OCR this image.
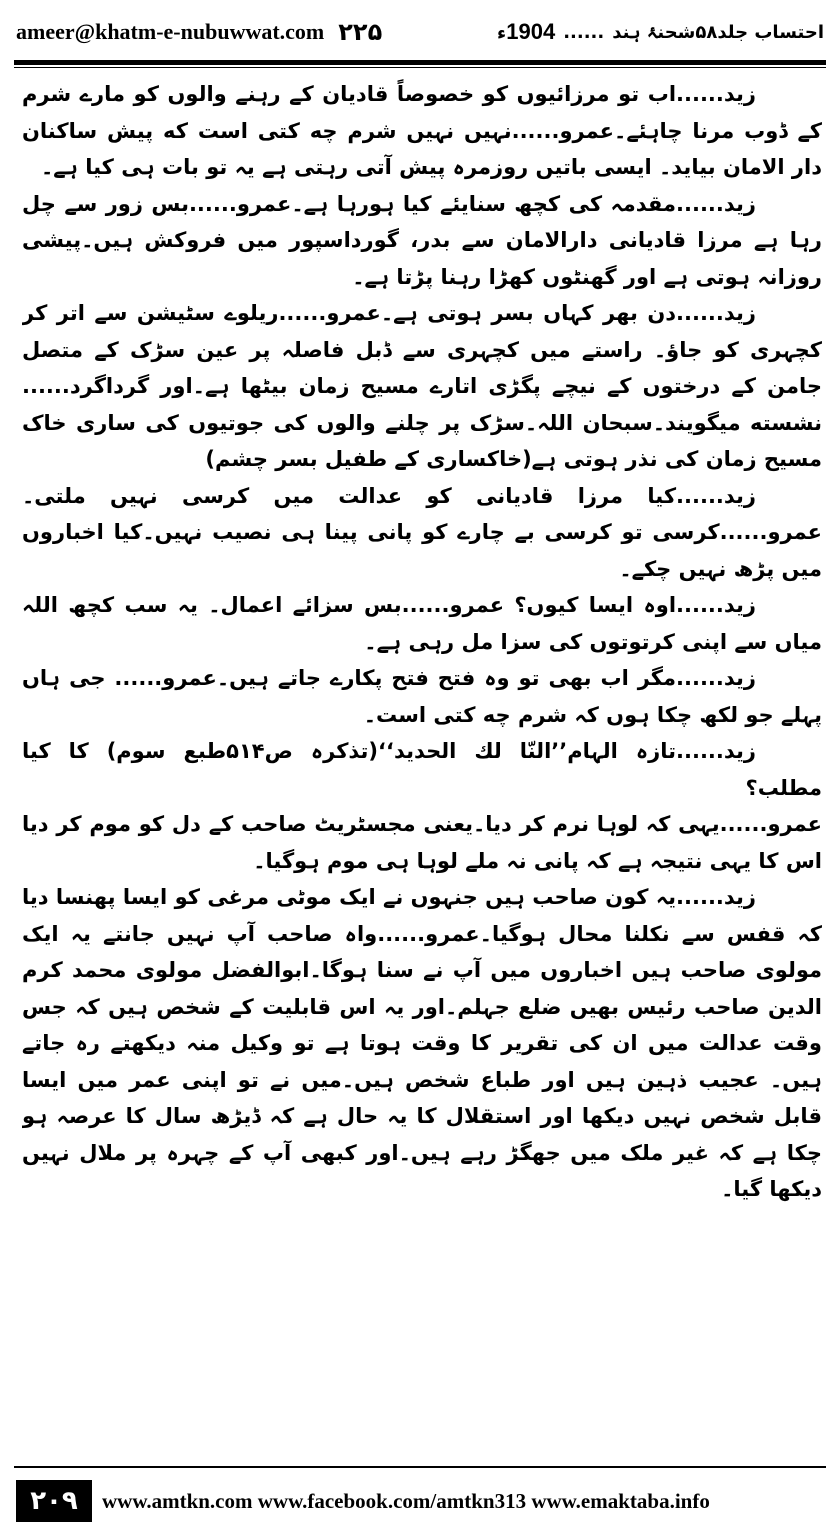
ameer@khatm-e-nubuwwat.com ۲۲۵	احتساب جلد۵۸شحنۂ ہند
......
1904ء

زید......اب تو مرزائیوں کو خصوصاً قادیان کے رہنے والوں کو مارے شرم کے ڈوب مرنا چاہئے۔عمرو......نہیں نہیں شرم چه کتی است که پیش ساکنان دار الامان بیاید۔ ایسی باتیں روزمرہ پیش آتی رہتی ہے یہ تو بات ہی کیا ہے۔

زید......مقدمہ کی کچھ سنایئے کیا ہورہا ہے۔عمرو......بس زور سے چل رہا ہے مرزا قادیانی دارالامان سے بدر، گورداسپور میں فروکش ہیں۔پیشی روزانہ ہوتی ہے اور گھنٹوں کھڑا رہنا پڑتا ہے۔

زید......دن بھر کہاں بسر ہوتی ہے۔عمرو......ریلوے سٹیشن سے اتر کر کچہری کو جاؤ۔ راستے میں کچہری سے ڈبل فاصلہ پر عین سڑک کے متصل جامن کے درختوں کے نیچے پگڑی اتارے مسیح زمان بیٹھا ہے۔اور گرداگرد...... نشسته میگویند۔سبحان اللہ۔سڑک پر چلنے والوں کی جوتیوں کی ساری خاک مسیح زمان کی نذر ہوتی ہے(خاکساری کے طفیل بسر چشم)

زید......کیا مرزا قادیانی کو عدالت میں کرسی نہیں ملتی۔عمرو......کرسی تو کرسی بے چارے کو پانی پینا ہی نصیب نہیں۔کیا اخباروں میں پڑھ نہیں چکے۔

زید......اوہ ایسا کیوں؟ عمرو......بس سزائے اعمال۔ یہ سب کچھ اللہ میاں سے اپنی کرتوتوں کی سزا مل رہی ہے۔

زید......مگر اب بھی تو وہ فتح فتح پکارے جاتے ہیں۔عمرو...... جی ہاں پہلے جو لکھ چکا ہوں کہ شرم چه کتی است۔

زید......تازہ الہام’’النّا لك الحدید‘‘(تذکرہ ص۵۱۴طبع سوم) کا کیا مطلب؟

عمرو......یہی کہ لوہا نرم کر دیا۔یعنی مجسٹریٹ صاحب کے دل کو موم کر دیا اس کا یہی نتیجہ ہے کہ پانی نہ ملے لوہا ہی موم ہوگیا۔

زید......یہ کون صاحب ہیں جنہوں نے ایک موٹی مرغی کو ایسا پھنسا دیا کہ قفس سے نکلنا محال ہوگیا۔عمرو......واہ صاحب آپ نہیں جانتے یہ ایک مولوی صاحب ہیں اخباروں میں آپ نے سنا ہوگا۔ابوالفضل مولوی محمد کرم الدین صاحب رئیس بھیں ضلع جہلم۔اور یہ اس قابلیت کے شخص ہیں کہ جس وقت عدالت میں ان کی تقریر کا وقت ہوتا ہے تو وکیل منہ دیکھتے رہ جاتے ہیں۔ عجیب ذہین ہیں اور طباع شخص ہیں۔میں نے تو اپنی عمر میں ایسا قابل شخص نہیں دیکھا اور استقلال کا یہ حال ہے کہ ڈیڑھ سال کا عرصہ ہو چکا ہے کہ غیر ملک میں جھگڑ رہے ہیں۔اور کبھی آپ کے چہرہ پر ملال نہیں دیکھا گیا۔

۲۰۹	www.amtkn.com www.facebook.com/amtkn313 www.emaktaba.info
